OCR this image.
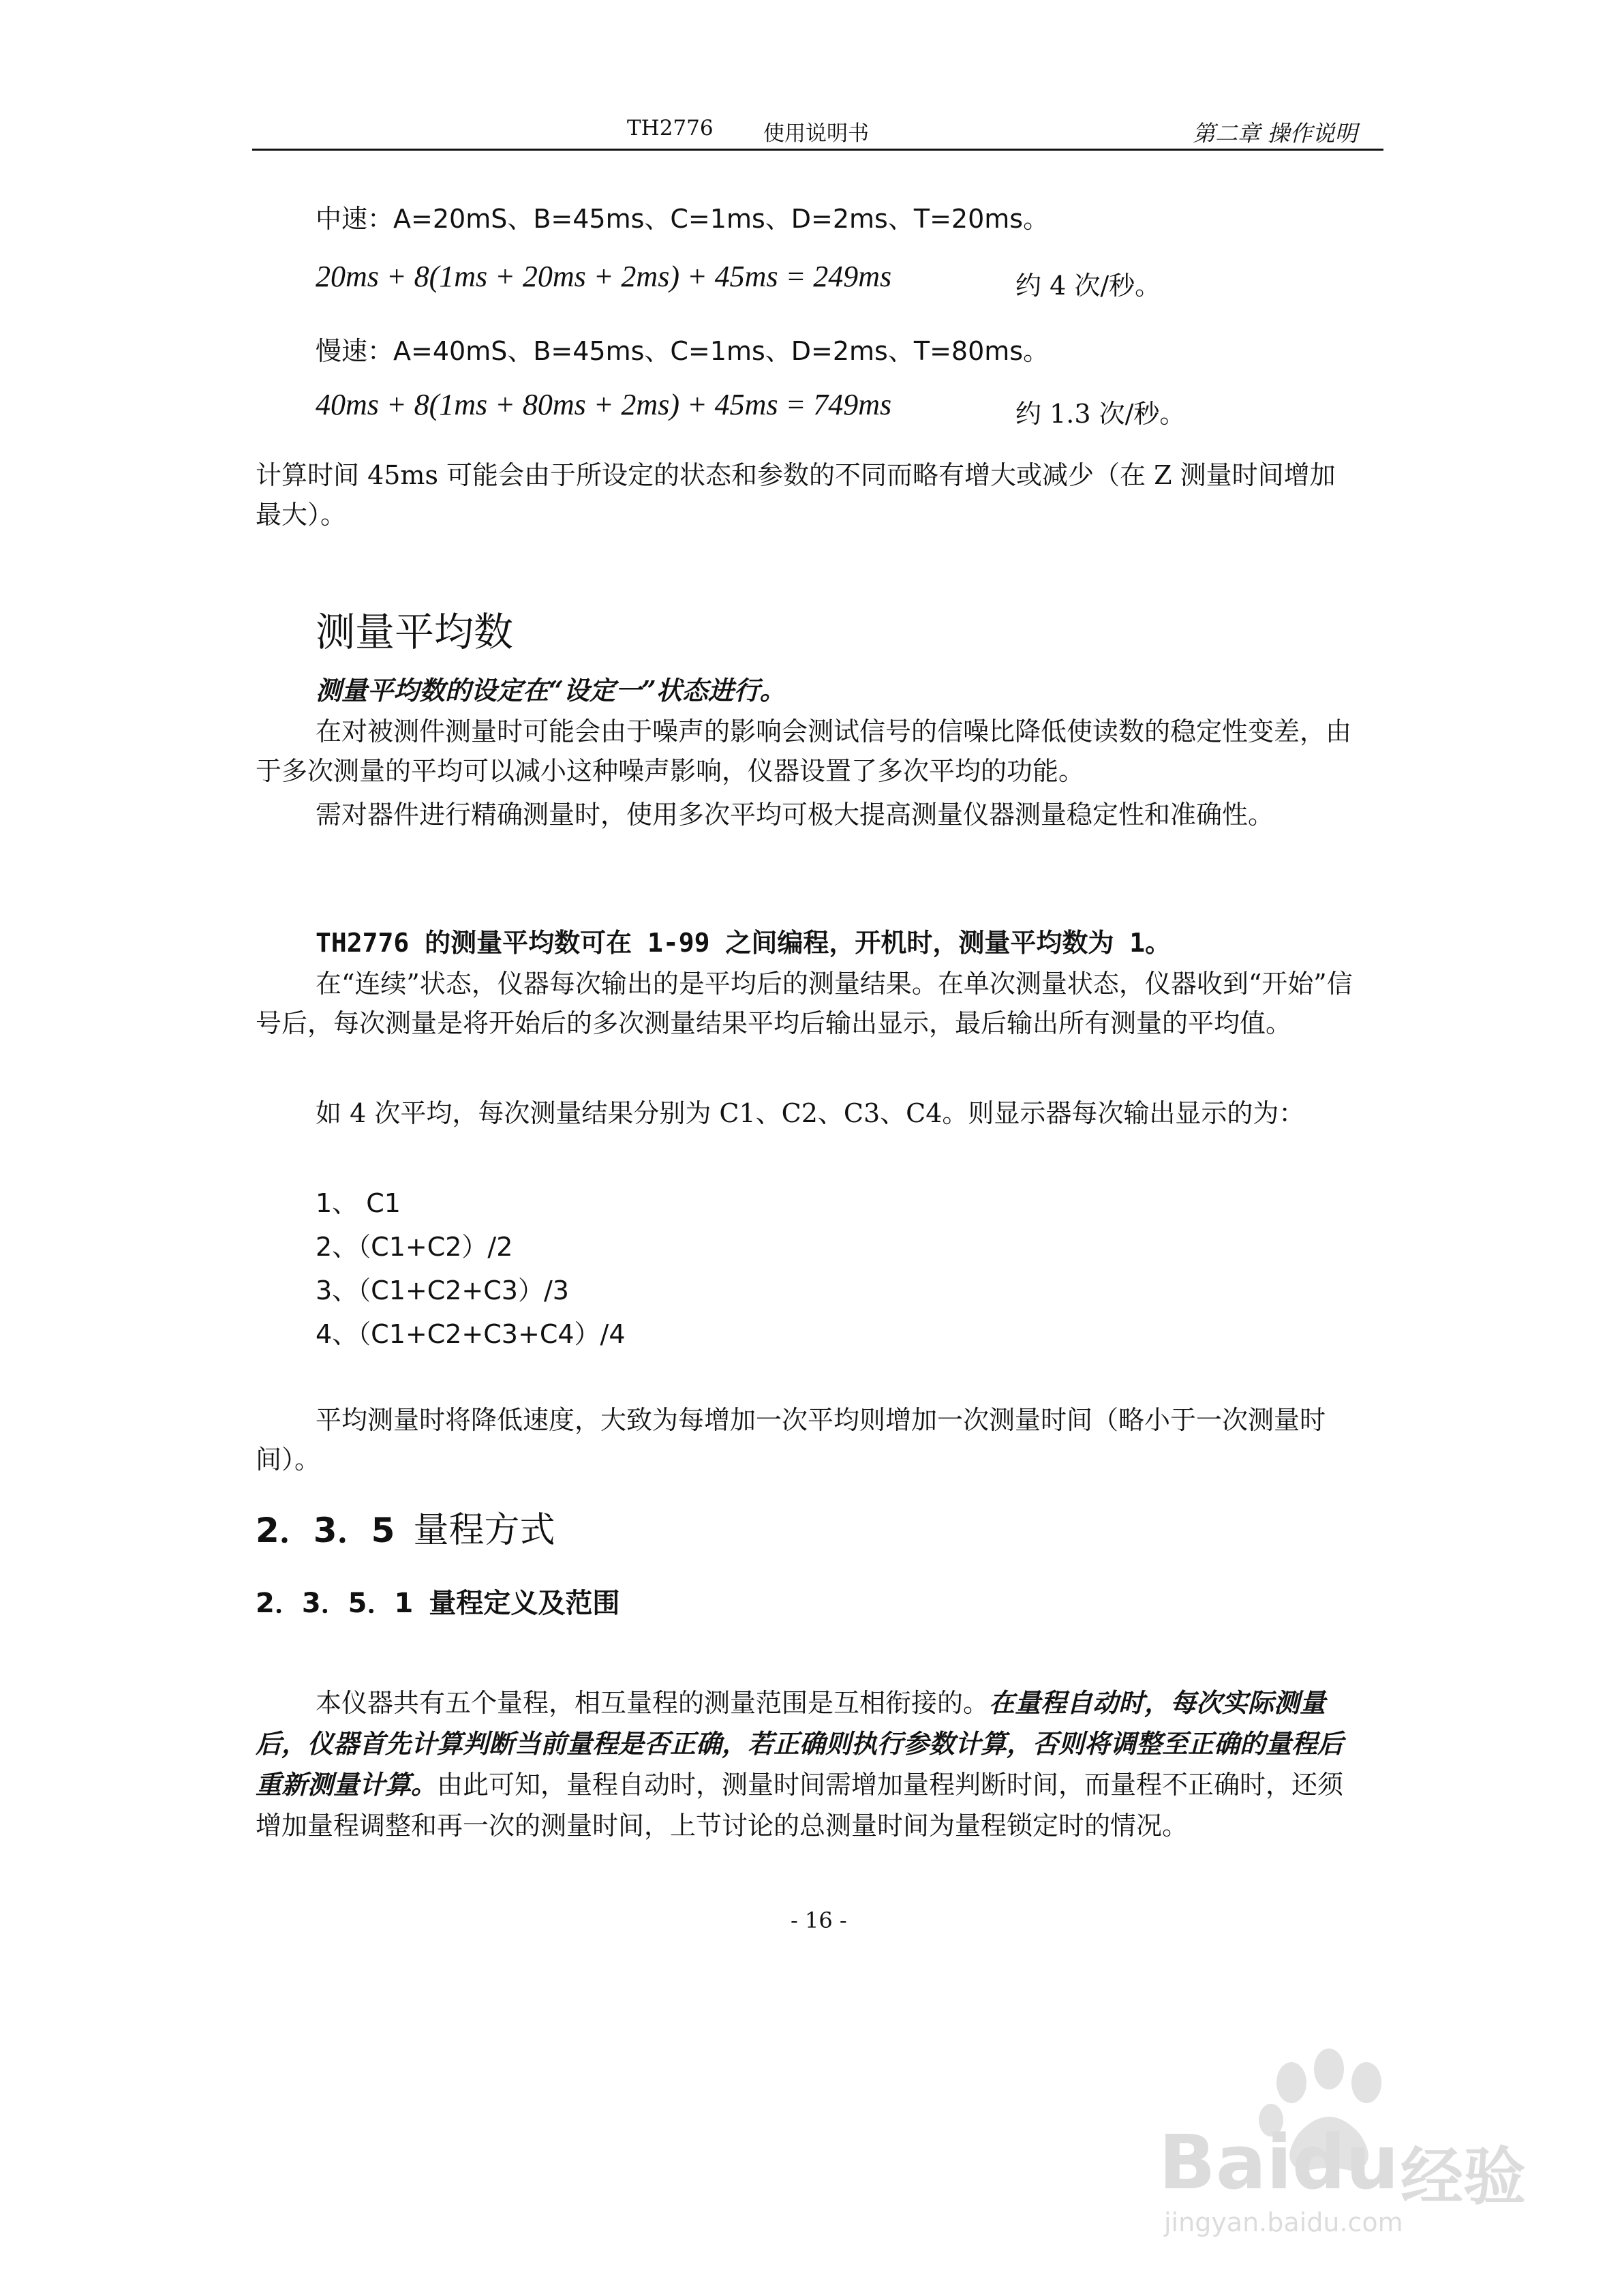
TH2776 使用说明书	第二章 操作说明
中速：A=20mS、B=45ms、C=1ms、D=2ms、T=20ms。
20ms + 8(1ms + 20ms + 2ms) + 45ms = 249ms	约 4 次/秒。
慢速：A=40mS、B=45ms、C=1ms、D=2ms、T=80ms。
40ms + 8(1ms + 80ms + 2ms) + 45ms = 749ms	约 1.3 次/秒。
计算时间 45ms 可能会由于所设定的状态和参数的不同而略有增大或减少（在 Z 测量时间增加最大）。
测量平均数
测量平均数的设定在“设定一”状态进行。
在对被测件测量时可能会由于噪声的影响会测试信号的信噪比降低使读数的稳定性变差，由于多次测量的平均可以减小这种噪声影响，仪器设置了多次平均的功能。
需对器件进行精确测量时，使用多次平均可极大提高测量仪器测量稳定性和准确性。
TH2776 的测量平均数可在 1-99 之间编程，开机时，测量平均数为 1。
在“连续”状态，仪器每次输出的是平均后的测量结果。在单次测量状态，仪器收到“开始”信号后，每次测量是将开始后的多次测量结果平均后输出显示，最后输出所有测量的平均值。
如 4 次平均，每次测量结果分别为 C1、C2、C3、C4。则显示器每次输出显示的为：
1、 C1
2、（C1+C2）/2
3、（C1+C2+C3）/3
4、（C1+C2+C3+C4）/4
平均测量时将降低速度，大致为每增加一次平均则增加一次测量时间（略小于一次测量时间）。
2．3．5 量程方式
2．3．5．1 量程定义及范围
本仪器共有五个量程，相互量程的测量范围是互相衔接的。在量程自动时，每次实际测量后，仪器首先计算判断当前量程是否正确，若正确则执行参数计算，否则将调整至正确的量程后重新测量计算。由此可知，量程自动时，测量时间需增加量程判断时间，而量程不正确时，还须增加量程调整和再一次的测量时间，上节讨论的总测量时间为量程锁定时的情况。
- 16 -
Baidu 经验
jingyan.baidu.com
